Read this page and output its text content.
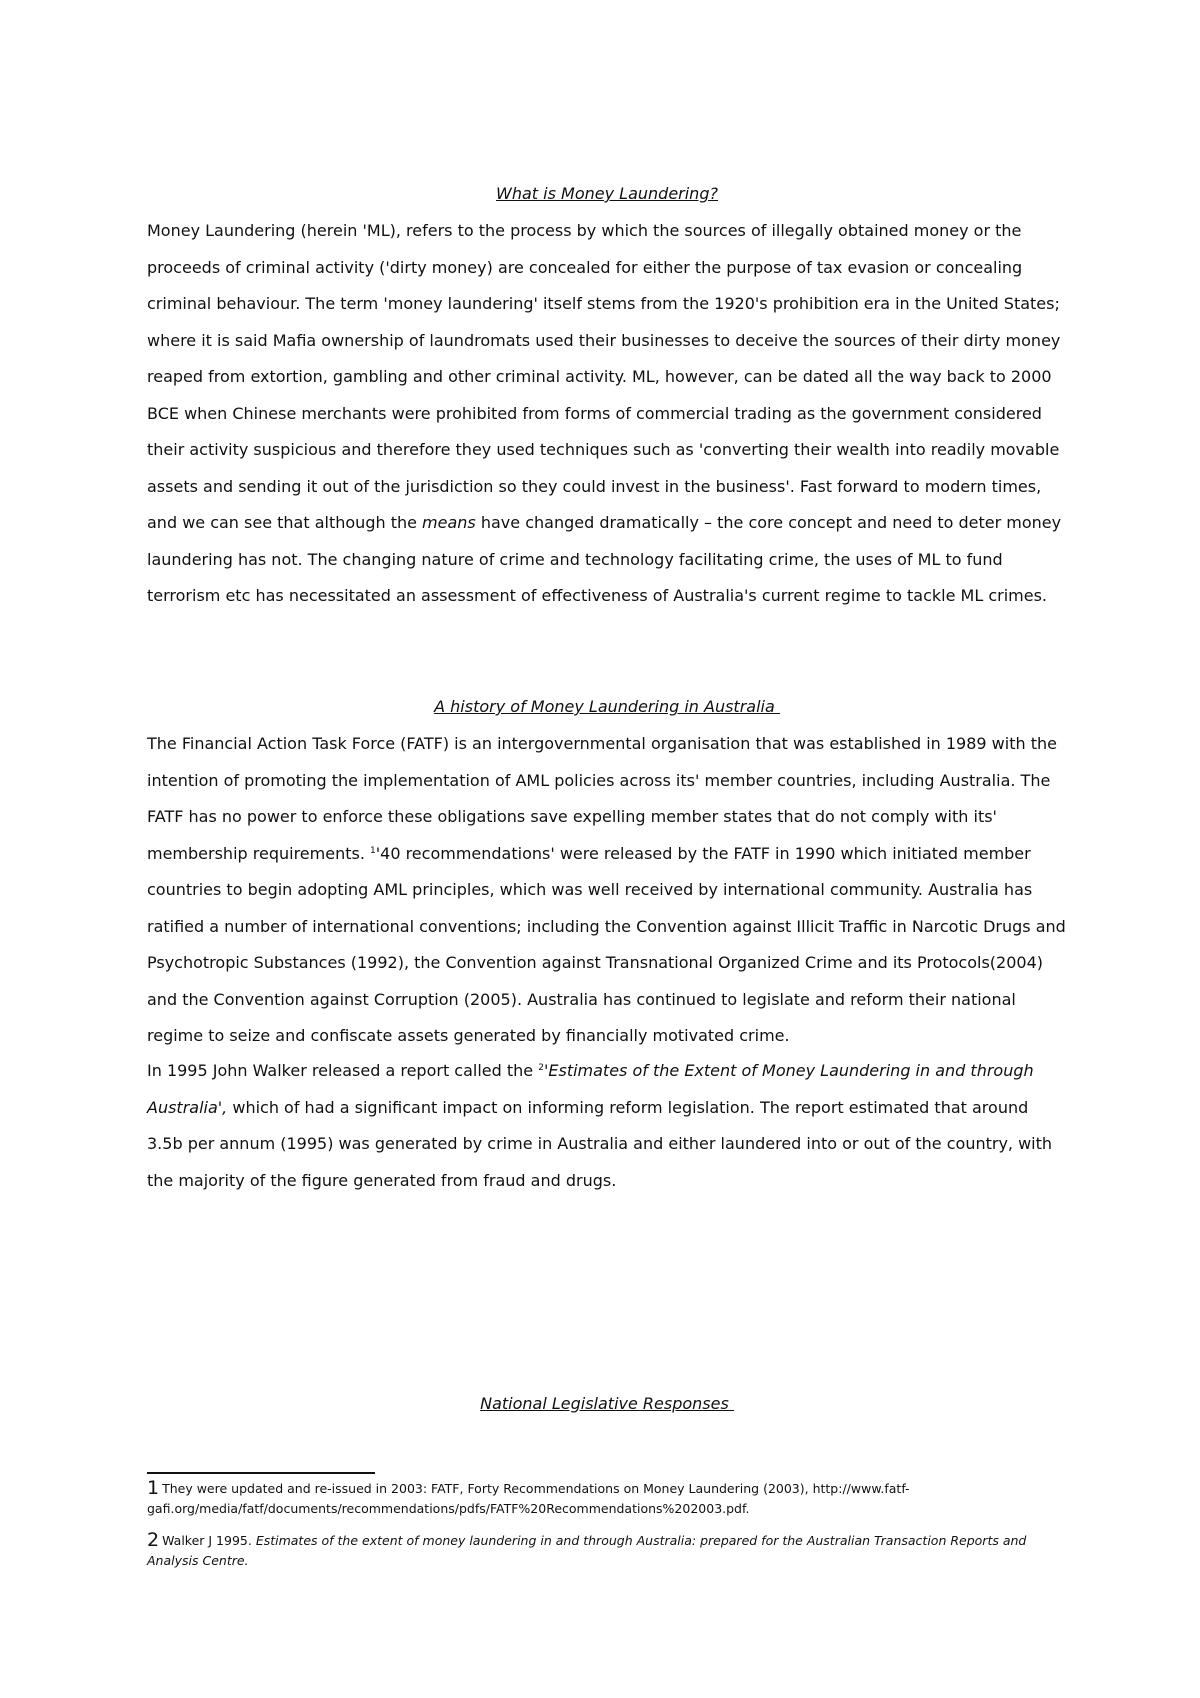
What is Money Laundering?

Money Laundering (herein 'ML), refers to the process by which the sources of illegally obtained money or the proceeds of criminal activity ('dirty money) are concealed for either the purpose of tax evasion or concealing criminal behaviour. The term 'money laundering' itself stems from the 1920's prohibition era in the United States; where it is said Mafia ownership of laundromats used their businesses to deceive the sources of their dirty money reaped from extortion, gambling and other criminal activity. ML, however, can be dated all the way back to 2000 BCE when Chinese merchants were prohibited from forms of commercial trading as the government considered their activity suspicious and therefore they used techniques such as 'converting their wealth into readily movable assets and sending it out of the jurisdiction so they could invest in the business'. Fast forward to modern times, and we can see that although the means have changed dramatically – the core concept and need to deter money laundering has not. The changing nature of crime and technology facilitating crime, the uses of ML to fund terrorism etc has necessitated an assessment of effectiveness of Australia's current regime to tackle ML crimes.

A history of Money Laundering in Australia

The Financial Action Task Force (FATF) is an intergovernmental organisation that was established in 1989 with the intention of promoting the implementation of AML policies across its' member countries, including Australia. The FATF has no power to enforce these obligations save expelling member states that do not comply with its' membership requirements. $^1$'40 recommendations' were released by the FATF in 1990 which initiated member countries to begin adopting AML principles, which was well received by international community. Australia has ratified a number of international conventions; including the Convention against Illicit Traffic in Narcotic Drugs and Psychotropic Substances (1992), the Convention against Transnational Organized Crime and its Protocols(2004) and the Convention against Corruption (2005). Australia has continued to legislate and reform their national regime to seize and confiscate assets generated by financially motivated crime.

In 1995 John Walker released a report called the $^2$'Estimates of the Extent of Money Laundering in and through Australia', which of had a significant impact on informing reform legislation. The report estimated that around 3.5b per annum (1995) was generated by crime in Australia and either laundered into or out of the country, with the majority of the figure generated from fraud and drugs.

National Legislative Responses
1 They were updated and re-issued in 2003: FATF, Forty Recommendations on Money Laundering (2003), http://www.fatf-gafi.org/media/fatf/documents/recommendations/pdfs/FATF%20Recommendations%202003.pdf.
2 Walker J 1995. Estimates of the extent of money laundering in and through Australia: prepared for the Australian Transaction Reports and Analysis Centre.
